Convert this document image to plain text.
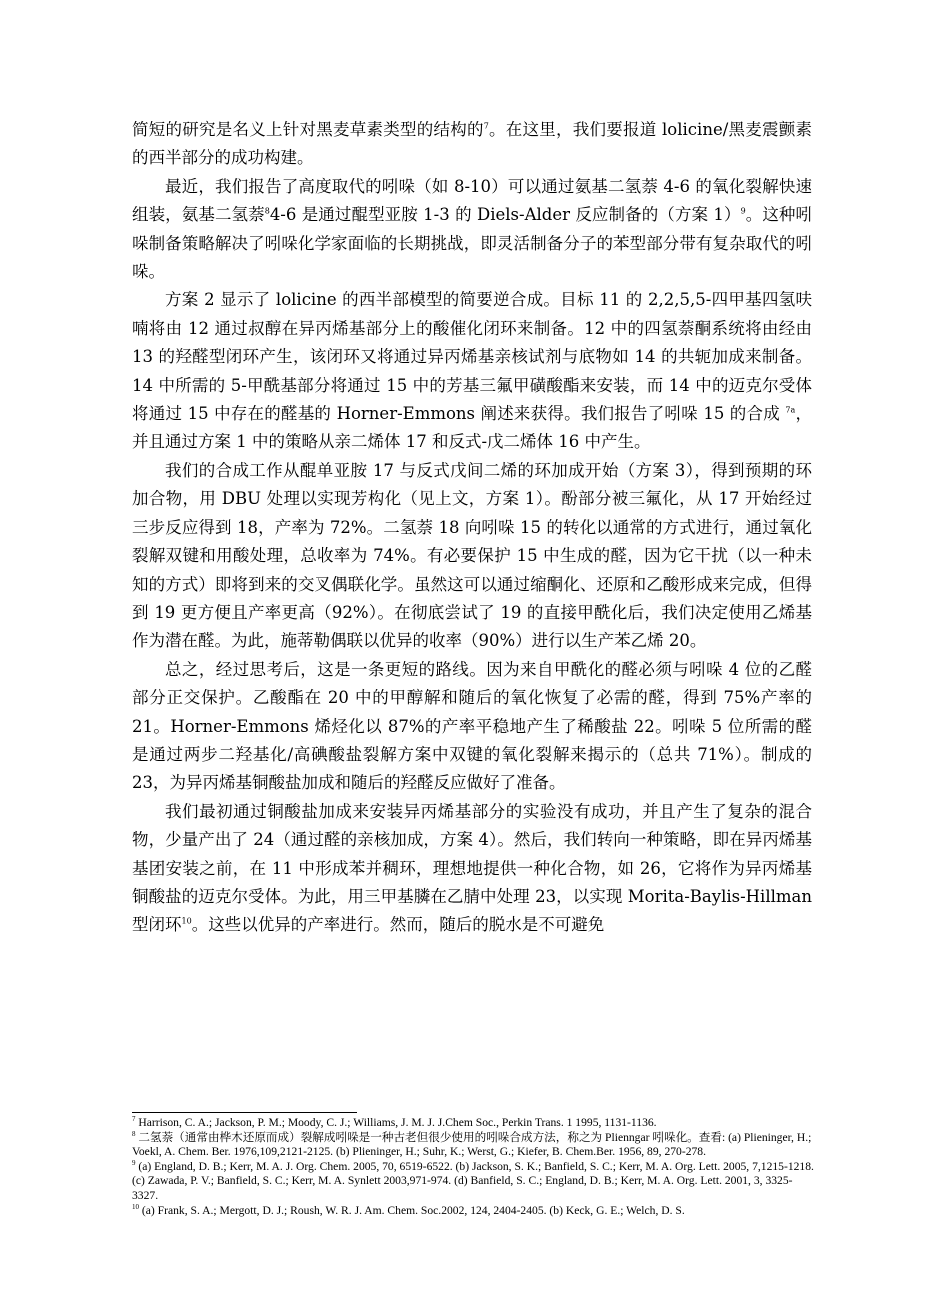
简短的研究是名义上针对黑麦草素类型的结构的$^7$。在这里，我们要报道 lolicine/黑麦震颤素的西半部分的成功构建。

最近，我们报告了高度取代的吲哚（如 8-10）可以通过氨基二氢萘 4-6 的氧化裂解快速组装，氨基二氢萘$^8$4-6 是通过醌型亚胺 1-3 的 Diels-Alder 反应制备的（方案 1）$^9$。这种吲哚制备策略解决了吲哚化学家面临的长期挑战，即灵活制备分子的苯型部分带有复杂取代的吲哚。

方案 2 显示了 lolicine 的西半部模型的简要逆合成。目标 11 的 2,2,5,5-四甲基四氢呋喃将由 12 通过叔醇在异丙烯基部分上的酸催化闭环来制备。12 中的四氢萘酮系统将由经由 13 的羟醛型闭环产生，该闭环又将通过异丙烯基亲核试剂与底物如 14 的共轭加成来制备。14 中所需的 5-甲酰基部分将通过 15 中的芳基三氟甲磺酸酯来安装，而 14 中的迈克尔受体将通过 15 中存在的醛基的 Horner-Emmons 阐述来获得。我们报告了吲哚 15 的合成 $^{7a}$，并且通过方案 1 中的策略从亲二烯体 17 和反式-戊二烯体 16 中产生。

我们的合成工作从醌单亚胺 17 与反式戊间二烯的环加成开始（方案 3），得到预期的环加合物，用 DBU 处理以实现芳构化（见上文，方案 1）。酚部分被三氟化，从 17 开始经过三步反应得到 18，产率为 72%。二氢萘 18 向吲哚 15 的转化以通常的方式进行，通过氧化裂解双键和用酸处理，总收率为 74%。有必要保护 15 中生成的醛，因为它干扰（以一种未知的方式）即将到来的交叉偶联化学。虽然这可以通过缩酮化、还原和乙酸形成来完成，但得到 19 更方便且产率更高（92%）。在彻底尝试了 19 的直接甲酰化后，我们决定使用乙烯基作为潜在醛。为此，施蒂勒偶联以优异的收率（90%）进行以生产苯乙烯 20。

总之，经过思考后，这是一条更短的路线。因为来自甲酰化的醛必须与吲哚 4 位的乙醛部分正交保护。乙酸酯在 20 中的甲醇解和随后的氧化恢复了必需的醛，得到 75%产率的 21。Horner-Emmons 烯烃化以 87%的产率平稳地产生了稀酸盐 22。吲哚 5 位所需的醛是通过两步二羟基化/高碘酸盐裂解方案中双键的氧化裂解来揭示的（总共 71%）。制成的 23，为异丙烯基铜酸盐加成和随后的羟醛反应做好了准备。

我们最初通过铜酸盐加成来安装异丙烯基部分的实验没有成功，并且产生了复杂的混合物，少量产出了 24（通过醛的亲核加成，方案 4）。然后，我们转向一种策略，即在异丙烯基基团安装之前，在 11 中形成苯并稠环，理想地提供一种化合物，如 26，它将作为异丙烯基铜酸盐的迈克尔受体。为此，用三甲基膦在乙腈中处理 23，以实现 Morita-Baylis-Hillman 型闭环$^{10}$。这些以优异的产率进行。然而，随后的脱水是不可避免

$^7$ Harrison, C. A.; Jackson, P. M.; Moody, C. J.; Williams, J. M. J. J.Chem Soc., Perkin Trans. 1 1995, 1131-1136.

$^8$ 二氢萘（通常由桦木还原而成）裂解成吲哚是一种古老但很少使用的吲哚合成方法，称之为 Plienngar 吲哚化。查看: (a) Plieninger, H.; Voekl, A. Chem. Ber. 1976,109,2121-2125. (b) Plieninger, H.; Suhr, K.; Werst, G.; Kiefer, B. Chem.Ber. 1956, 89, 270-278.

$^9$ (a) England, D. B.; Kerr, M. A. J. Org. Chem. 2005, 70, 6519-6522. (b) Jackson, S. K.; Banfield, S. C.; Kerr, M. A. Org. Lett. 2005, 7,1215-1218. (c) Zawada, P. V.; Banfield, S. C.; Kerr, M. A. Synlett 2003,971-974. (d) Banfield, S. C.; England, D. B.; Kerr, M. A. Org. Lett. 2001, 3, 3325-3327.

$^{10}$ (a) Frank, S. A.; Mergott, D. J.; Roush, W. R. J. Am. Chem. Soc.2002, 124, 2404-2405. (b) Keck, G. E.; Welch, D. S.
